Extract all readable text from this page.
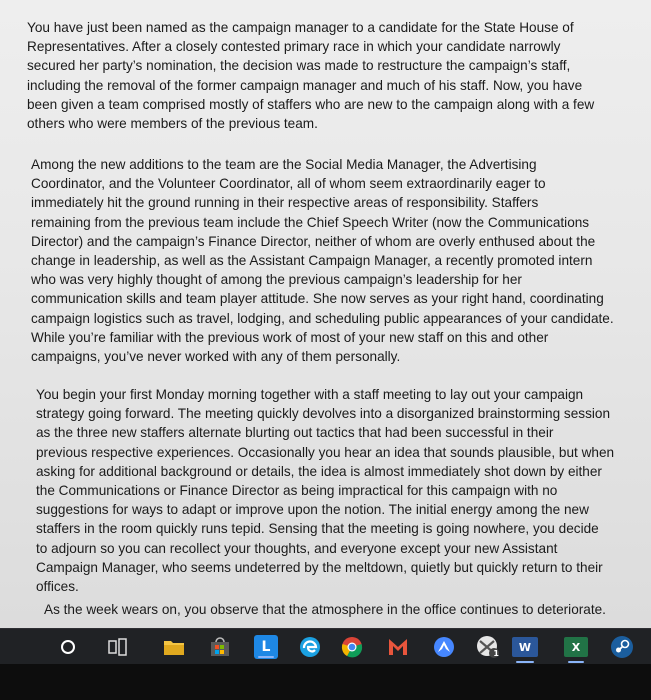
You have just been named as the campaign manager to a candidate for the State House of
Representatives. After a closely contested primary race in which your candidate narrowly
secured her party’s nomination, the decision was made to restructure the campaign’s staff,
including the removal of the former campaign manager and much of his staff. Now, you have
been given a team comprised mostly of staffers who are new to the campaign along with a few
others who were members of the previous team.
Among the new additions to the team are the Social Media Manager, the Advertising
Coordinator, and the Volunteer Coordinator, all of whom seem extraordinarily eager to
immediately hit the ground running in their respective areas of responsibility. Staffers
remaining from the previous team include the Chief Speech Writer (now the Communications
Director) and the campaign’s Finance Director, neither of whom are overly enthused about the
change in leadership, as well as the Assistant Campaign Manager, a recently promoted intern
who was very highly thought of among the previous campaign’s leadership for her
communication skills and team player attitude. She now serves as your right hand, coordinating
campaign logistics such as travel, lodging, and scheduling public appearances of your candidate.
While you’re familiar with the previous work of most of your new staff on this and other
campaigns, you’ve never worked with any of them personally.
You begin your first Monday morning together with a staff meeting to lay out your campaign
strategy going forward. The meeting quickly devolves into a disorganized brainstorming session
as the three new staffers alternate blurting out tactics that had been successful in their
previous respective experiences. Occasionally you hear an idea that sounds plausible, but when
asking for additional background or details, the idea is almost immediately shot down by either
the Communications or Finance Director as being impractical for this campaign with no
suggestions for ways to adapt or improve upon the notion. The initial energy among the new
staffers in the room quickly runs tepid. Sensing that the meeting is going nowhere, you decide
to adjourn so you can recollect your thoughts, and everyone except your new Assistant
Campaign Manager, who seems undeterred by the meltdown, quietly but quickly return to their
offices.
As the week wears on, you observe that the atmosphere in the office continues to deteriorate.
L	1 W	X
